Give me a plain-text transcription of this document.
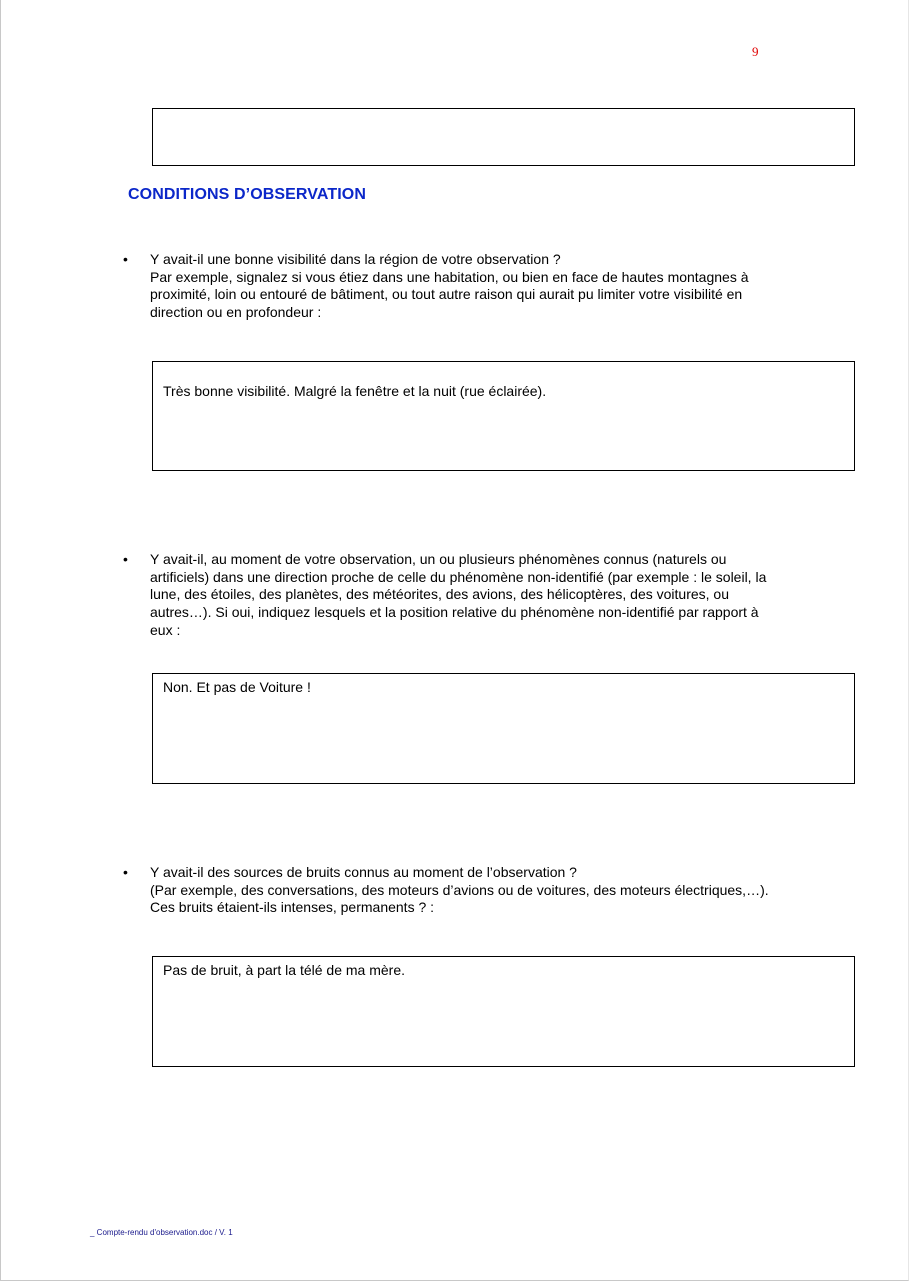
9
CONDITIONS D’OBSERVATION
• Y avait-il une bonne visibilité dans la région de votre observation ?
Par exemple, signalez si vous étiez dans une habitation, ou bien en face de hautes montagnes à
proximité, loin ou entouré de bâtiment, ou tout autre raison qui aurait pu limiter votre visibilité en
direction ou en profondeur :
Très bonne visibilité. Malgré la fenêtre et la nuit (rue éclairée).
• Y avait-il, au moment de votre observation, un ou plusieurs phénomènes connus (naturels ou
artificiels) dans une direction proche de celle du phénomène non-identifié (par exemple : le soleil, la
lune, des étoiles, des planètes, des météorites, des avions, des hélicoptères, des voitures, ou
autres…). Si oui, indiquez lesquels et la position relative du phénomène non-identifié par rapport à
eux :
Non. Et pas de Voiture !
• Y avait-il des sources de bruits connus au moment de l’observation ?
(Par exemple, des conversations, des moteurs d’avions ou de voitures, des moteurs électriques,…).
Ces bruits étaient-ils intenses, permanents ? :
Pas de bruit, à part la télé de ma mère.
_ Compte-rendu d'observation.doc / V. 1
